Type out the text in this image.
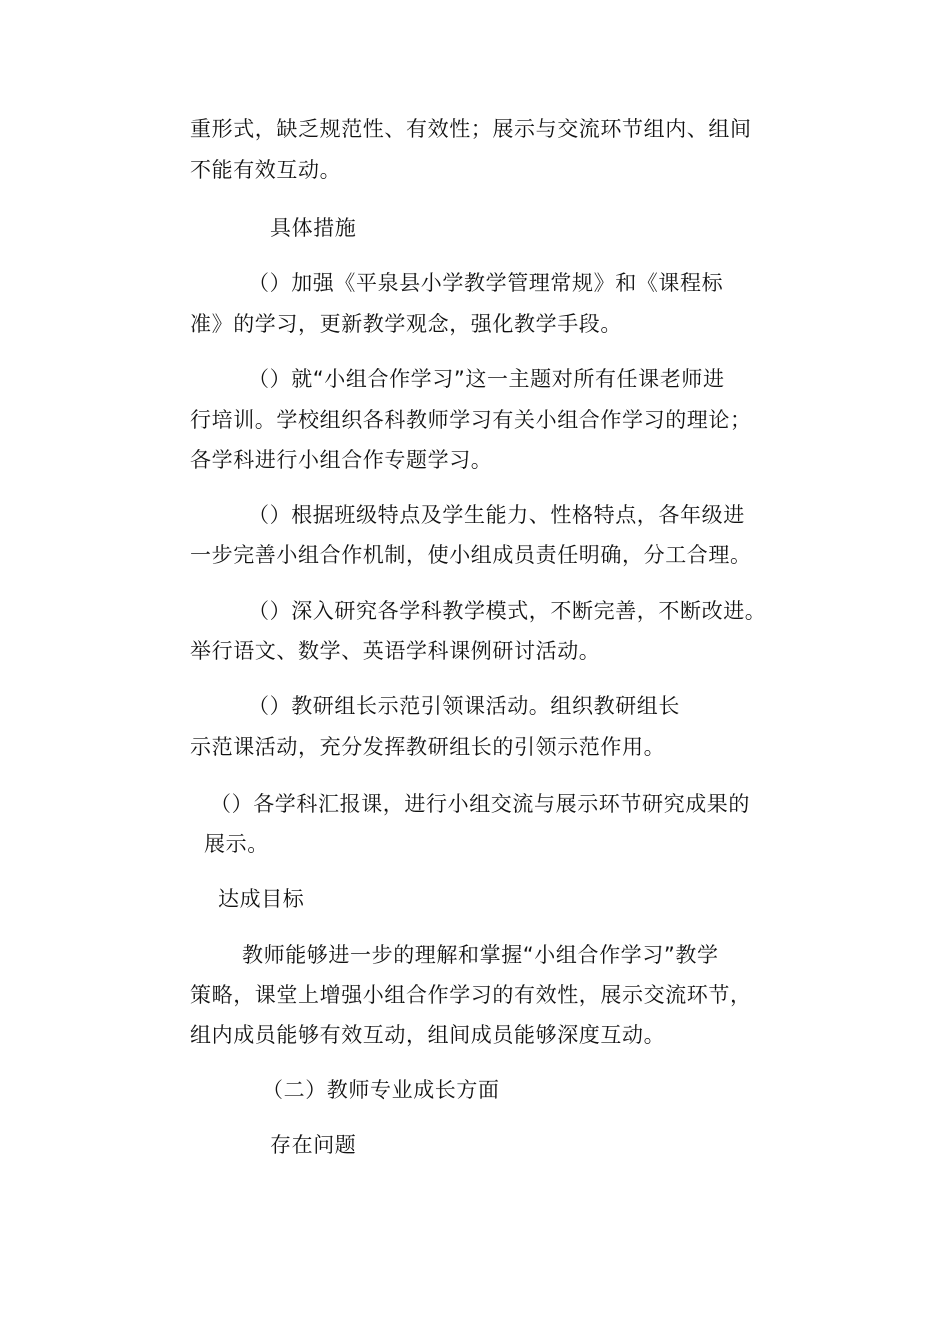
重形式，缺乏规范性、有效性；展示与交流环节组内、组间
不能有效互动。
具体措施
（）加强《平泉县小学教学管理常规》和《课程标
准》的学习，更新教学观念，强化教学手段。
（）就“小组合作学习”这一主题对所有任课老师进
行培训。学校组织各科教师学习有关小组合作学习的理论；
各学科进行小组合作专题学习。
（）根据班级特点及学生能力、性格特点，各年级进
一步完善小组合作机制，使小组成员责任明确，分工合理。
（）深入研究各学科教学模式，不断完善，不断改进。
举行语文、数学、英语学科课例研讨活动。
（）教研组长示范引领课活动。组织教研组长
示范课活动，充分发挥教研组长的引领示范作用。
（）各学科汇报课，进行小组交流与展示环节研究成果的
展示。
达成目标
教师能够进一步的理解和掌握“小组合作学习”教学
策略，课堂上增强小组合作学习的有效性，展示交流环节，
组内成员能够有效互动，组间成员能够深度互动。
（二）教师专业成长方面
存在问题
